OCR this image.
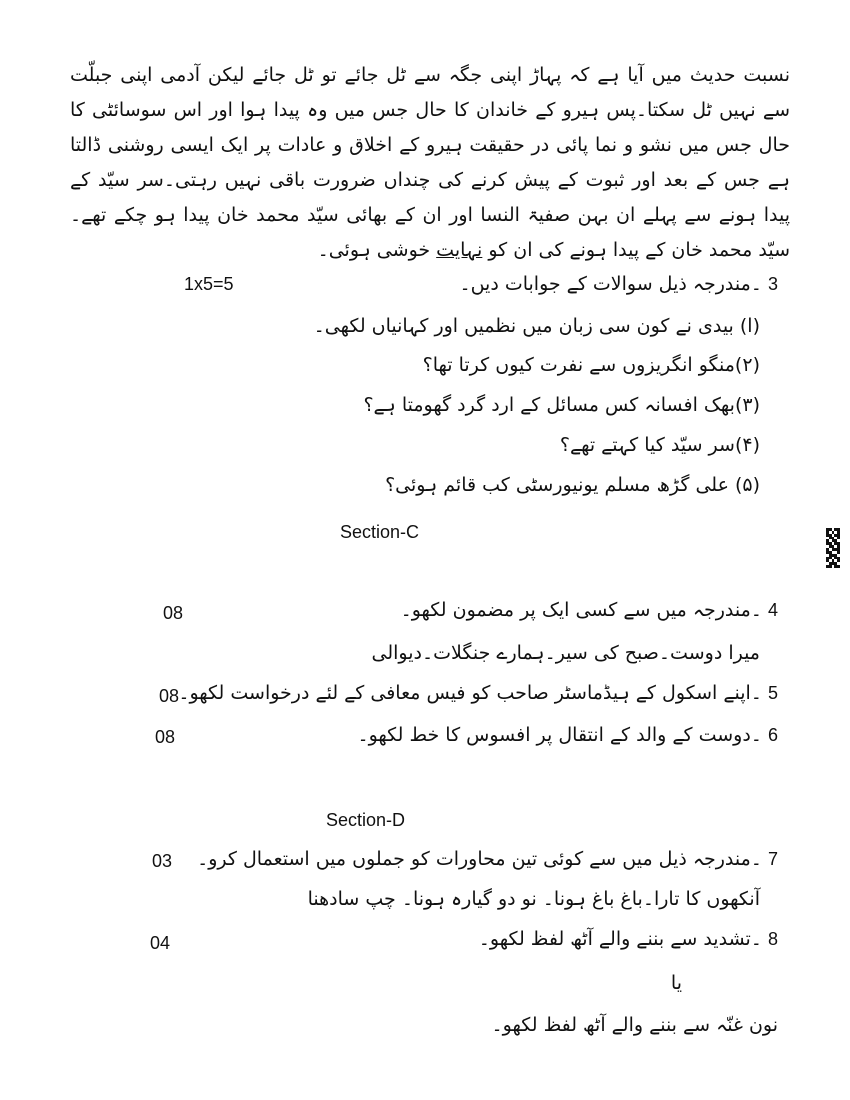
نسبت حدیث میں آیا ہے کہ پہاڑ اپنی جگہ سے ٹل جائے تو ٹل جائے لیکن آدمی اپنی جبلّت سے نہیں ٹل سکتا۔پس ہیرو کے خاندان کا حال جس میں وہ پیدا ہوا اور اس سوسائٹی کا حال جس میں نشو و نما پائی در حقیقت ہیرو کے اخلاق و عادات پر ایک ایسی روشنی ڈالتا ہے جس کے بعد اور ثبوت کے پیش کرنے کی چنداں ضرورت باقی نہیں رہتی۔سر سیّد کے پیدا ہونے سے پہلے ان بہن صفیۃ النسا اور ان کے بھائی سیّد محمد خان پیدا ہو چکے تھے۔سیّد محمد خان کے پیدا ہونے کی ان کو نہایت خوشی ہوئی۔
3 ۔مندرجہ ذیل سوالات کے جوابات دیں۔
1x5=5
(ا) بیدی نے کون سی زبان میں نظمیں اور کہانیاں لکھی۔
(۲)منگو انگریزوں سے نفرت کیوں کرتا تھا؟
(۳)بھک افسانہ کس مسائل کے ارد گرد گھومتا ہے؟
(۴)سر سیّد کیا کہتے تھے؟
(۵) علی گڑھ مسلم یونیورسٹی کب قائم ہوئی؟
Section-C
4 ۔مندرجہ میں سے کسی ایک پر مضمون لکھو۔
08
میرا دوست۔صبح کی سیر۔ہمارے جنگلات۔دیوالی
5 ۔اپنے اسکول کے ہیڈماسٹر صاحب کو فیس معافی کے لئے درخواست لکھو۔
08
6 ۔دوست کے والد کے انتقال پر افسوس کا خط لکھو۔
08
Section-D
7 ۔مندرجہ ذیل میں سے کوئی تین محاورات کو جملوں میں استعمال کرو۔
03
آنکھوں کا تارا۔باغ باغ ہونا۔ نو دو گیارہ ہونا۔ چپ سادھنا
8 ۔تشدید سے بننے والے آٹھ لفظ لکھو۔
04
یا
نون غنّہ سے بننے والے آٹھ لفظ لکھو۔
